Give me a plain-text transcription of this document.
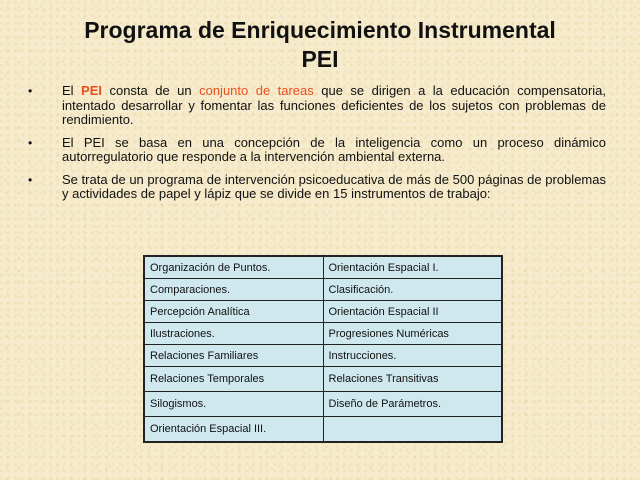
Programa de Enriquecimiento Instrumental
PEI
• El PEI consta de un conjunto de tareas que se dirigen a la educación compensatoria, intentado desarrollar y fomentar las funciones deficientes de los sujetos con problemas de rendimiento.
• El PEI se basa en una concepción de la inteligencia como un proceso dinámico autorregulatorio que responde a la intervención ambiental externa.
• Se trata de un programa de intervención psicoeducativa de más de 500 páginas de problemas y actividades de papel y lápiz que se divide en 15 instrumentos de trabajo:
Organización de Puntos.	Orientación Espacial I.
Comparaciones.	Clasificación.
Percepción Analítica	Orientación Espacial II
Ilustraciones.	Progresiones Numéricas
Relaciones Familiares	Instrucciones.
Relaciones Temporales	Relaciones Transitivas
Silogismos.	Diseño de Parámetros.
Orientación Espacial III.	
